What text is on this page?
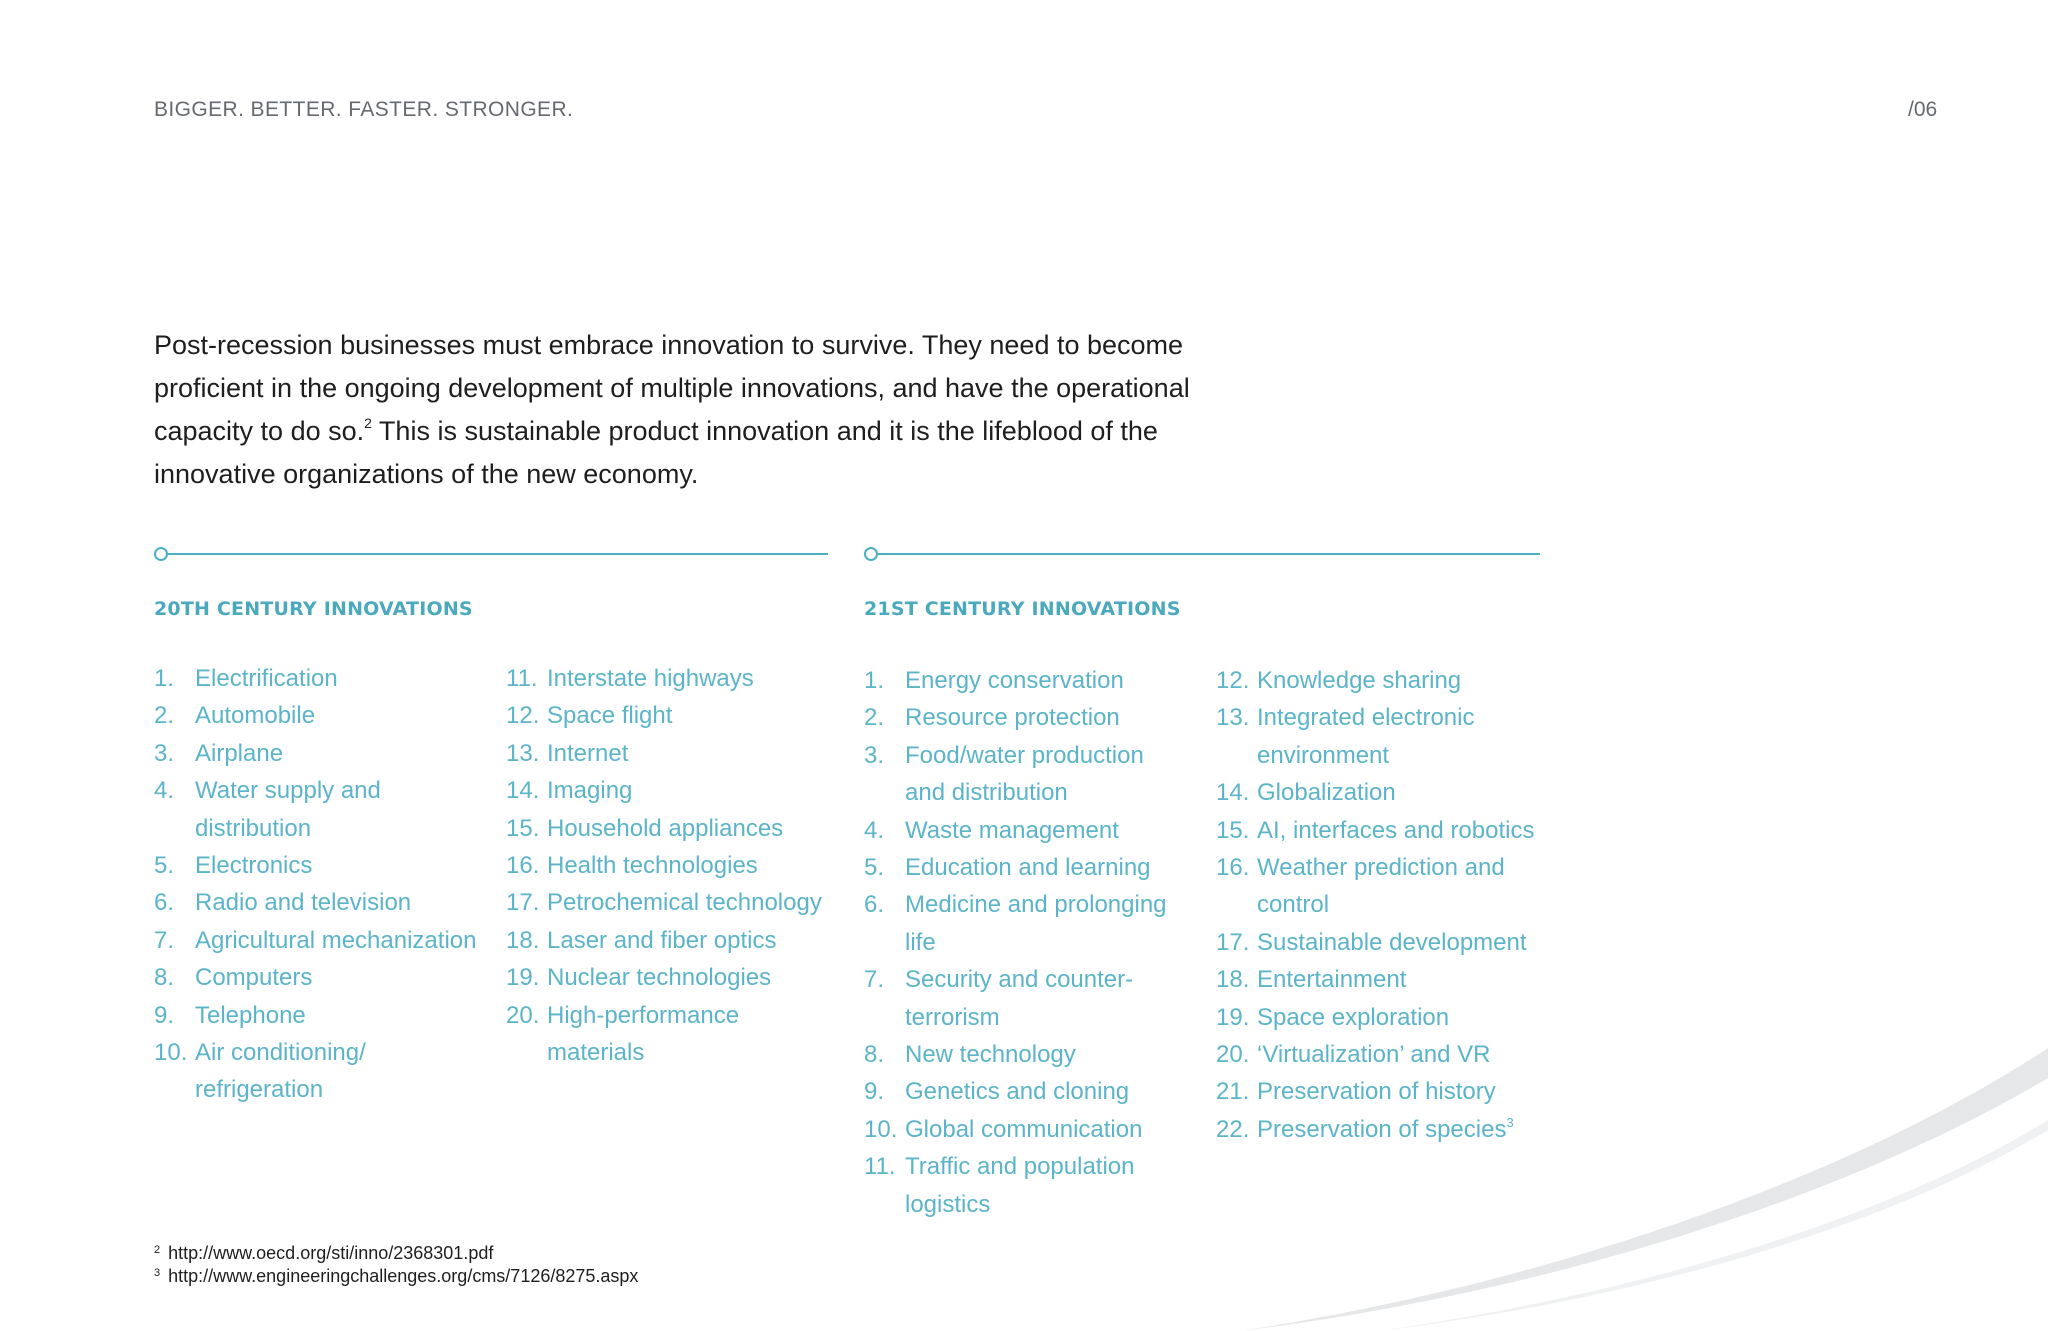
BIGGER. BETTER. FASTER. STRONGER.	/06

Post-recession businesses must embrace innovation to survive. They need to become proficient in the ongoing development of multiple innovations, and have the operational capacity to do so.$^2$ This is sustainable product innovation and it is the lifeblood of the innovative organizations of the new economy.

20TH CENTURY INNOVATIONS
1. Electrification
2. Automobile
3. Airplane
4. Water supply and distribution
5. Electronics
6. Radio and television
7. Agricultural mechanization
8. Computers
9. Telephone
10. Air conditioning/ refrigeration
11. Interstate highways
12. Space flight
13. Internet
14. Imaging
15. Household appliances
16. Health technologies
17. Petrochemical technology
18. Laser and fiber optics
19. Nuclear technologies
20. High-performance materials
21ST CENTURY INNOVATIONS
1. Energy conservation
2. Resource protection
3. Food/water production and distribution
4. Waste management
5. Education and learning
6. Medicine and prolonging life
7. Security and counter-terrorism
8. New technology
9. Genetics and cloning
10. Global communication
11. Traffic and population logistics
12. Knowledge sharing
13. Integrated electronic environment
14. Globalization
15. AI, interfaces and robotics
16. Weather prediction and control
17. Sustainable development
18. Entertainment
19. Space exploration
20. ‘Virtualization’ and VR
21. Preservation of history
22. Preservation of species$^3$
$^2$ http://www.oecd.org/sti/inno/2368301.pdf
$^3$ http://www.engineeringchallenges.org/cms/7126/8275.aspx
